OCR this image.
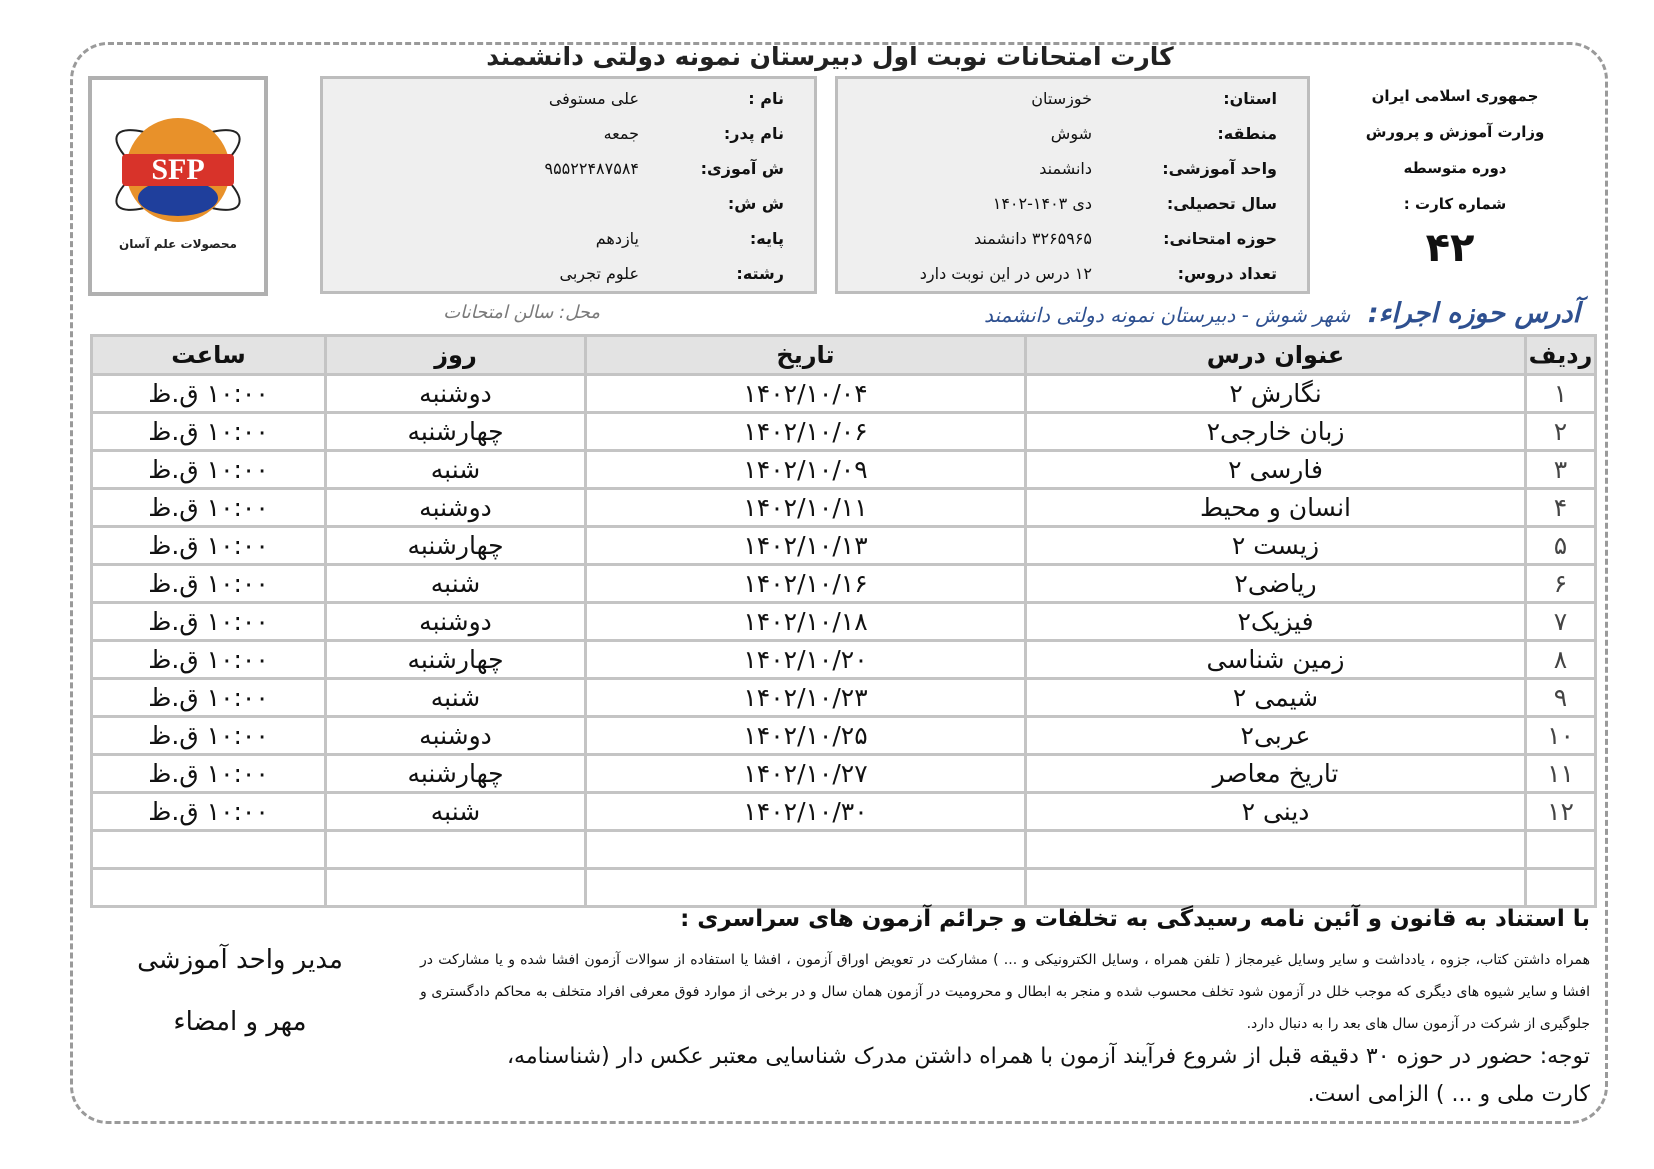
کارت امتحانات نوبت اول دبیرستان نمونه دولتی دانشمند
جمهوری اسلامی ایران
وزارت آموزش و پرورش
دوره متوسطه
شماره کارت :
۴۲
استان:
خوزستان
منطقه:
شوش
واحد آموزشی:
دانشمند
سال تحصیلی:
دی ۱۴۰۳-۱۴۰۲
حوزه امتحانی:
۳۲۶۵۹۶۵ دانشمند
تعداد دروس:
۱۲ درس در این نوبت دارد
نام :
علی مستوفی
نام پدر:
جمعه
ش آموزی:
۹۵۵۲۲۴۸۷۵۸۴
ش ش:
پایه:
یازدهم
رشته:
علوم تجربی
SFP
محصولات علم آسان
آدرس حوزه اجراء: شهر شوش - دبیرستان نمونه دولتی دانشمند
محل: سالن امتحانات
ردیف	عنوان درس	تاریخ	روز	ساعت
۱	نگارش ۲	۱۴۰۲/۱۰/۰۴	دوشنبه	۱۰:۰۰ ق.ظ
۲	زبان خارجی۲	۱۴۰۲/۱۰/۰۶	چهارشنبه	۱۰:۰۰ ق.ظ
۳	فارسی ۲	۱۴۰۲/۱۰/۰۹	شنبه	۱۰:۰۰ ق.ظ
۴	انسان و محیط	۱۴۰۲/۱۰/۱۱	دوشنبه	۱۰:۰۰ ق.ظ
۵	زیست ۲	۱۴۰۲/۱۰/۱۳	چهارشنبه	۱۰:۰۰ ق.ظ
۶	ریاضی۲	۱۴۰۲/۱۰/۱۶	شنبه	۱۰:۰۰ ق.ظ
۷	فیزیک۲	۱۴۰۲/۱۰/۱۸	دوشنبه	۱۰:۰۰ ق.ظ
۸	زمین شناسی	۱۴۰۲/۱۰/۲۰	چهارشنبه	۱۰:۰۰ ق.ظ
۹	شیمی ۲	۱۴۰۲/۱۰/۲۳	شنبه	۱۰:۰۰ ق.ظ
۱۰	عربی۲	۱۴۰۲/۱۰/۲۵	دوشنبه	۱۰:۰۰ ق.ظ
۱۱	تاریخ معاصر	۱۴۰۲/۱۰/۲۷	چهارشنبه	۱۰:۰۰ ق.ظ
۱۲	دینی ۲	۱۴۰۲/۱۰/۳۰	شنبه	۱۰:۰۰ ق.ظ

با استناد به قانون و آئین نامه رسیدگی به تخلفات و جرائم آزمون های سراسری :
همراه داشتن کتاب، جزوه ، یادداشت و سایر وسایل غیرمجاز ( تلفن همراه ، وسایل الکترونیکی و ... ) مشارکت در تعویض اوراق آزمون ، افشا یا استفاده از سوالات آزمون افشا شده و یا مشارکت در افشا و سایر شیوه های دیگری که موجب خلل در آزمون شود تخلف محسوب شده و منجر به ابطال و محرومیت در آزمون همان سال و در برخی از موارد فوق معرفی افراد متخلف به محاکم دادگستری و جلوگیری از شرکت در آزمون سال های بعد را به دنبال دارد.
توجه: حضور در حوزه ۳۰ دقیقه قبل از شروع فرآیند آزمون با همراه داشتن مدرک شناسایی معتبر عکس دار (شناسنامه، کارت ملی و ... ) الزامی است.
مدیر واحد آموزشی
مهر و امضاء
